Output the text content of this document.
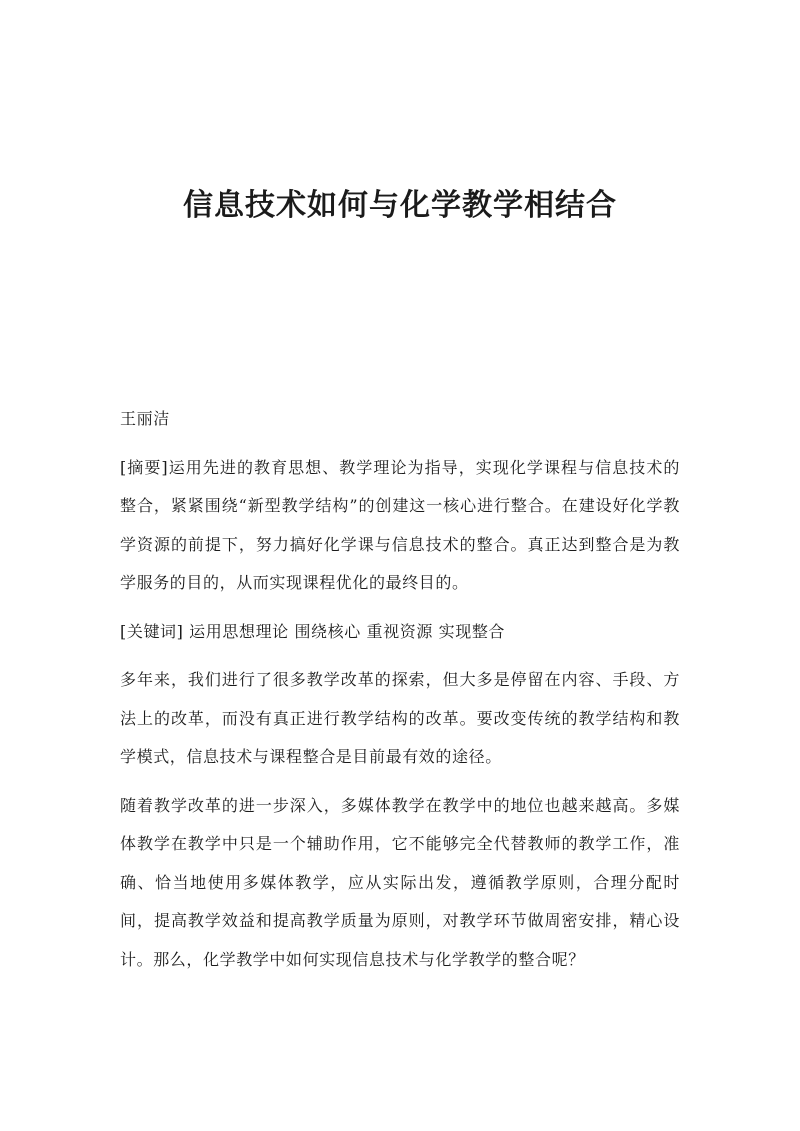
信息技术如何与化学教学相结合

王丽洁

[摘要]运用先进的教育思想、教学理论为指导，实现化学课程与信息技术的整合，紧紧围绕“新型教学结构”的创建这一核心进行整合。在建设好化学教学资源的前提下，努力搞好化学课与信息技术的整合。真正达到整合是为教学服务的目的，从而实现课程优化的最终目的。

[关键词] 运用思想理论 围绕核心 重视资源 实现整合

多年来，我们进行了很多教学改革的探索，但大多是停留在内容、手段、方法上的改革，而没有真正进行教学结构的改革。要改变传统的教学结构和教学模式，信息技术与课程整合是目前最有效的途径。

随着教学改革的进一步深入，多媒体教学在教学中的地位也越来越高。多媒体教学在教学中只是一个辅助作用，它不能够完全代替教师的教学工作，准确、恰当地使用多媒体教学，应从实际出发，遵循教学原则，合理分配时间，提高教学效益和提高教学质量为原则，对教学环节做周密安排，精心设计。那么，化学教学中如何实现信息技术与化学教学的整合呢？
